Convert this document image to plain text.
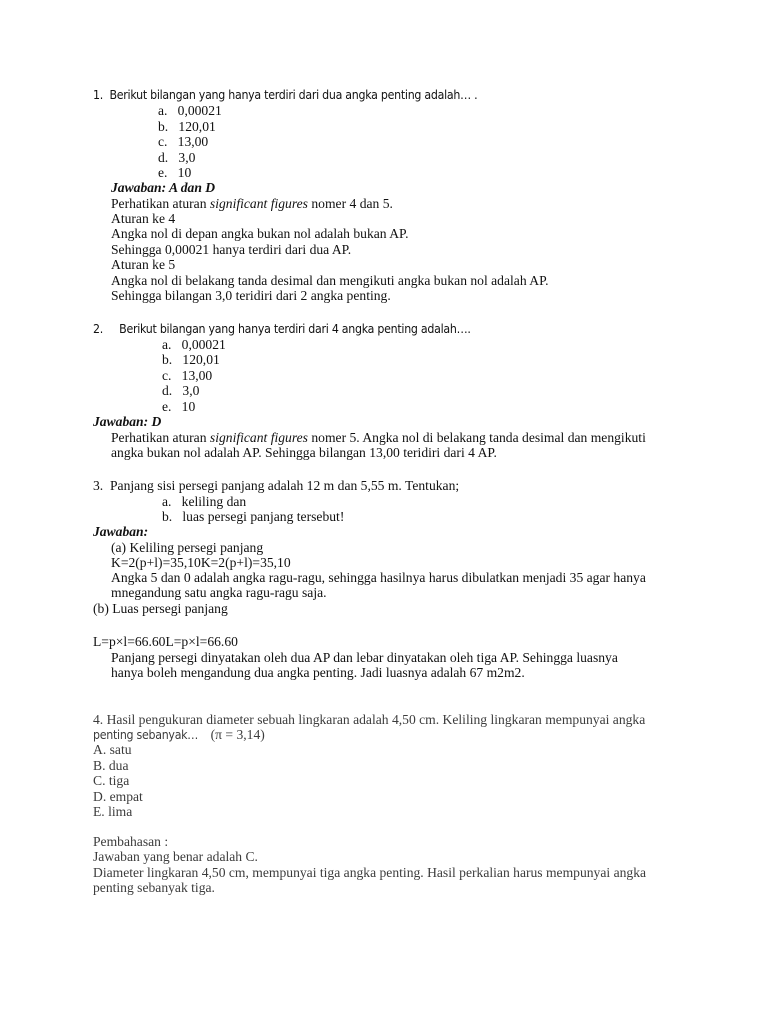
1. Berikut bilangan yang hanya terdiri dari dua angka penting adalah… .
a. 0,00021
b. 120,01
c. 13,00
d. 3,0
e. 10
Jawaban: A dan D
Perhatikan aturan significant figures nomer 4 dan 5.
Aturan ke 4
Angka nol di depan angka bukan nol adalah bukan AP.
Sehingga 0,00021 hanya terdiri dari dua AP.
Aturan ke 5
Angka nol di belakang tanda desimal dan mengikuti angka bukan nol adalah AP.
Sehingga bilangan 3,0 teridiri dari 2 angka penting.
2. Berikut bilangan yang hanya terdiri dari 4 angka penting adalah….
a. 0,00021
b. 120,01
c. 13,00
d. 3,0
e. 10
Jawaban: D
Perhatikan aturan significant figures nomer 5. Angka nol di belakang tanda desimal dan mengikuti
angka bukan nol adalah AP. Sehingga bilangan 13,00 teridiri dari 4 AP.
3. Panjang sisi persegi panjang adalah 12 m dan 5,55 m. Tentukan;
a. keliling dan
b.   luas persegi panjang tersebut!
Jawaban:
(a) Keliling persegi panjang
K=2(p+l)=35,10K=2(p+l)=35,10
Angka 5 dan 0 adalah angka ragu-ragu, sehingga hasilnya harus dibulatkan menjadi 35 agar hanya
mnegandung satu angka ragu-ragu saja.
(b) Luas persegi panjang
L=p×l=66.60L=p×l=66.60
Panjang persegi dinyatakan oleh dua AP dan lebar dinyatakan oleh tiga AP. Sehingga luasnya
hanya boleh mengandung dua angka penting. Jadi luasnya adalah 67 m2m2.
4. Hasil pengukuran diameter sebuah lingkaran adalah 4,50 cm. Keliling lingkaran mempunyai angka
penting sebanyak… (π = 3,14)
A. satu
B. dua
C. tiga
D. empat
E. lima
Pembahasan :
Jawaban yang benar adalah C.
Diameter lingkaran 4,50 cm, mempunyai tiga angka penting. Hasil perkalian harus mempunyai angka
penting sebanyak tiga.
